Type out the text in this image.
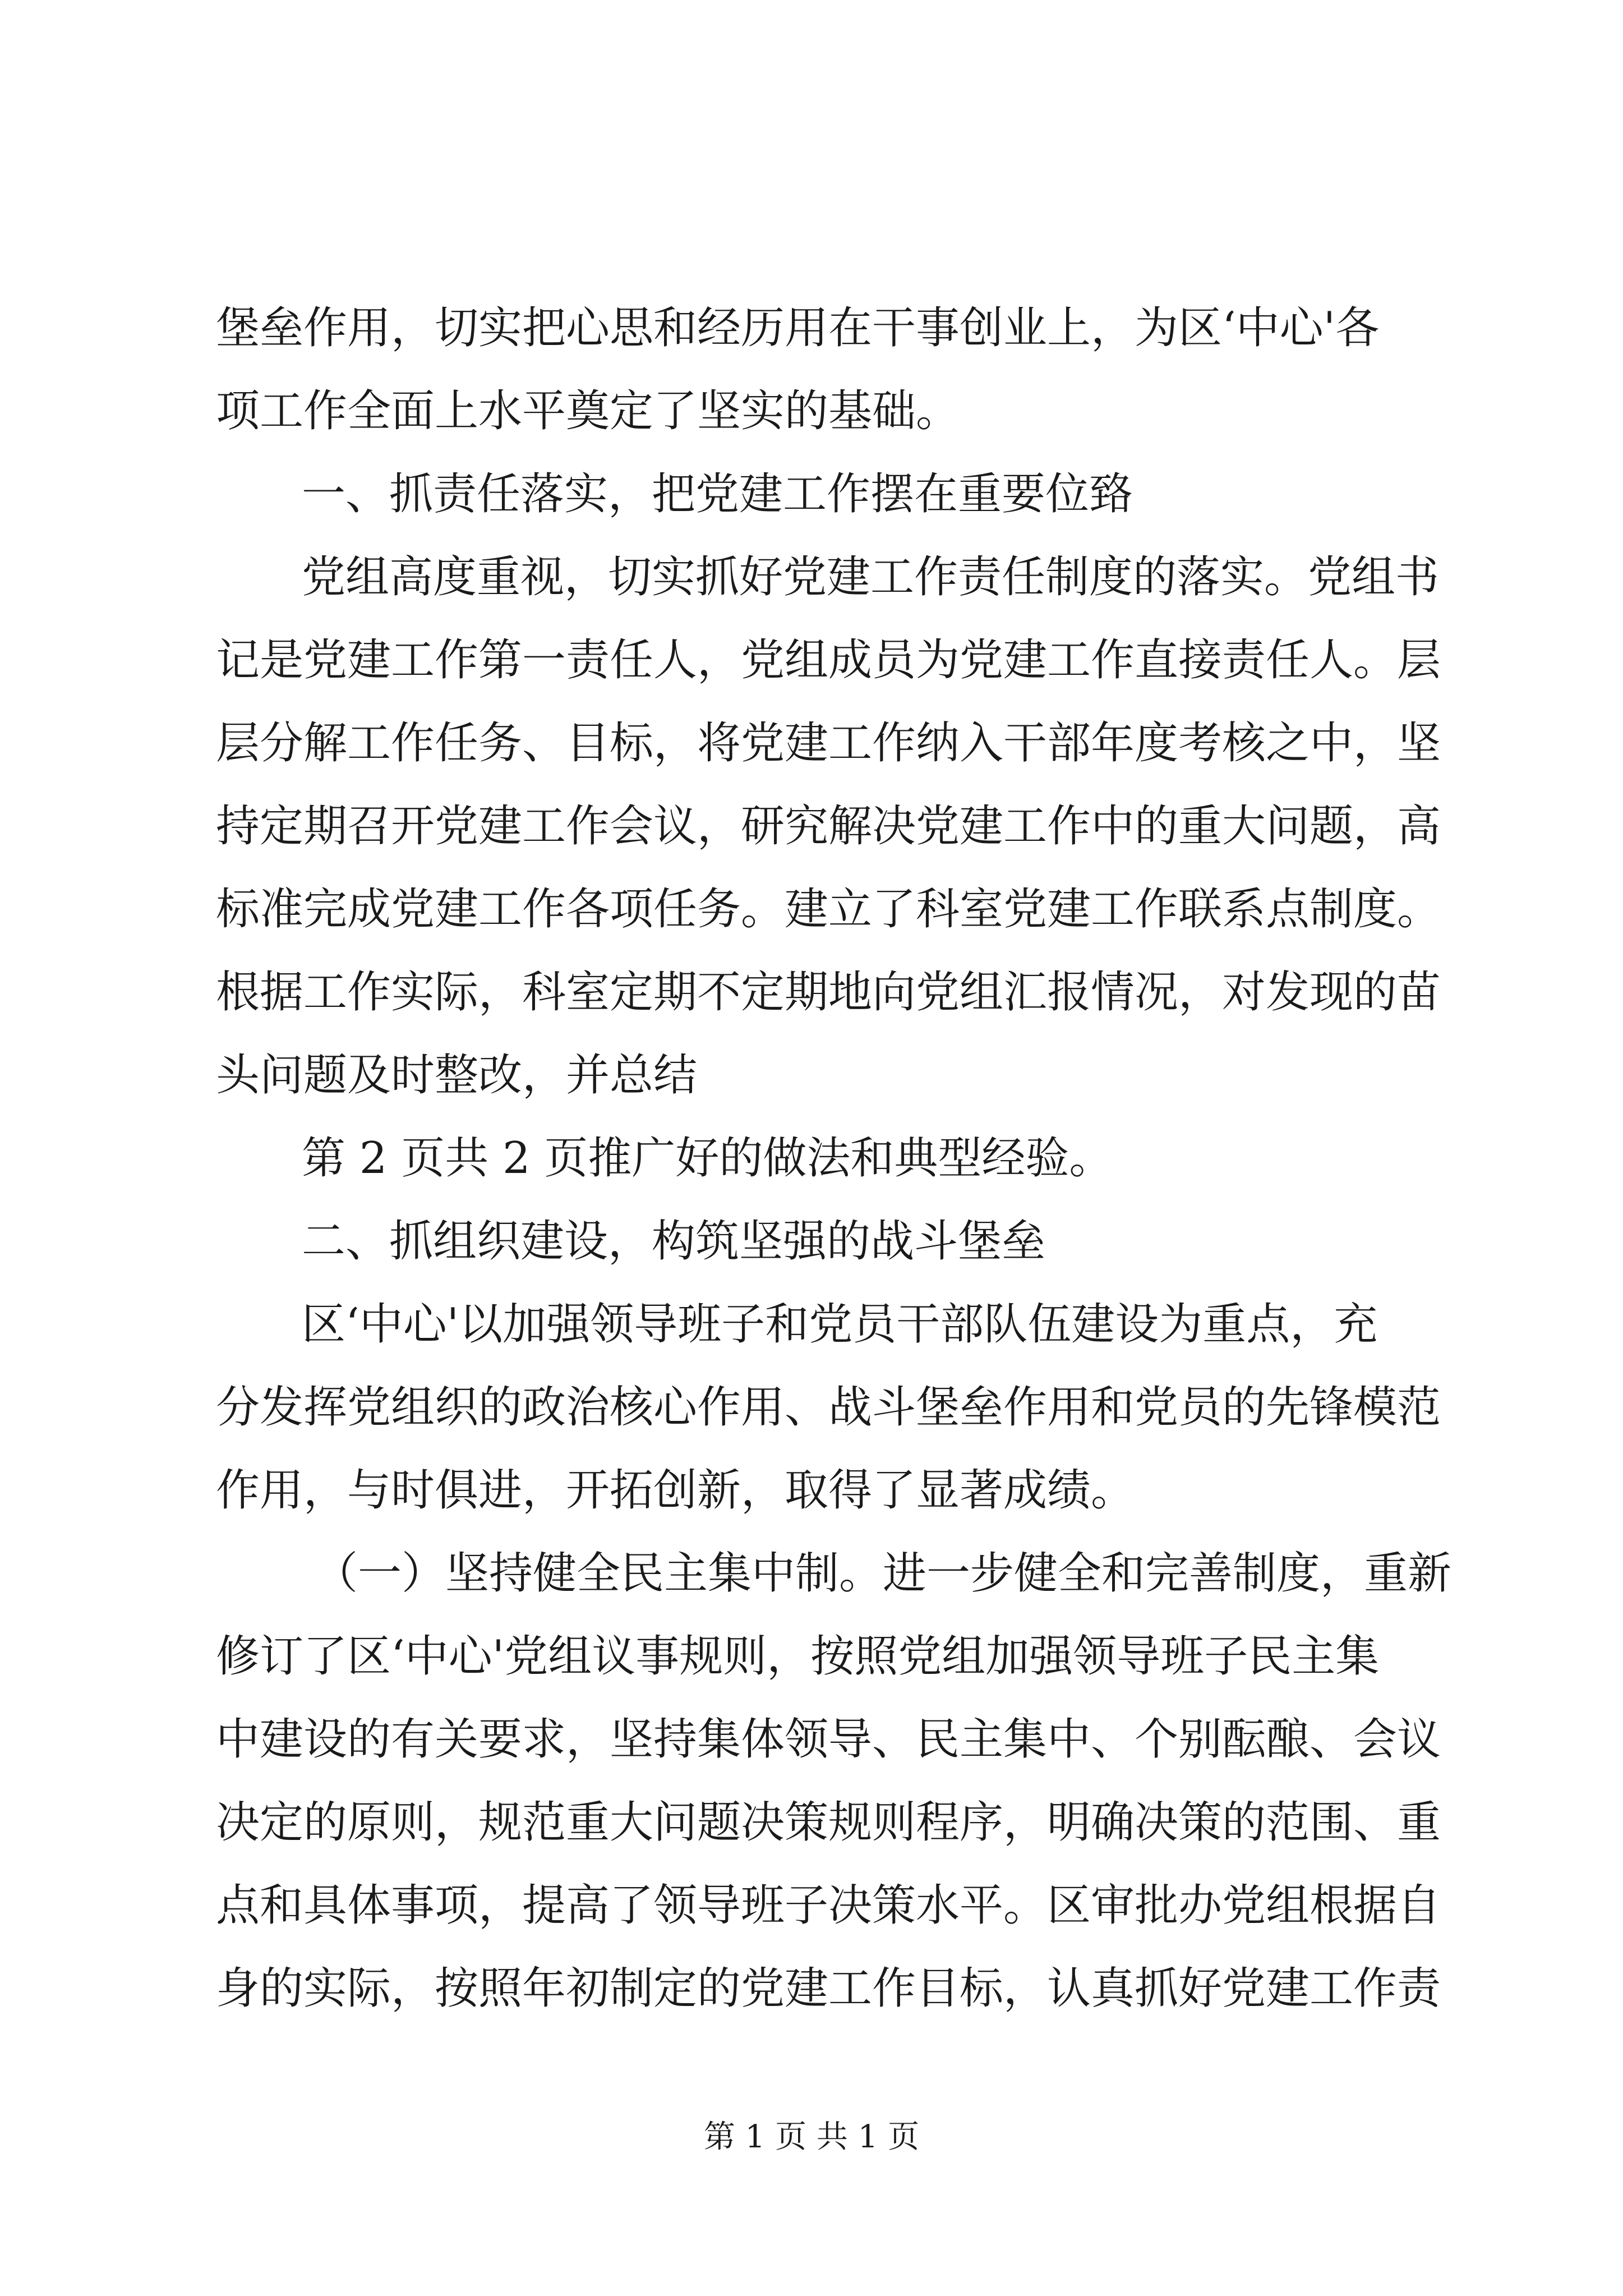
堡垒作用，切实把心思和经历用在干事创业上，为区‘中心'各
项工作全面上水平奠定了坚实的基础。
一、抓责任落实，把党建工作摆在重要位臵
党组高度重视，切实抓好党建工作责任制度的落实。党组书
记是党建工作第一责任人，党组成员为党建工作直接责任人。层
层分解工作任务、目标，将党建工作纳入干部年度考核之中，坚
持定期召开党建工作会议，研究解决党建工作中的重大问题，高
标准完成党建工作各项任务。建立了科室党建工作联系点制度。
根据工作实际，科室定期不定期地向党组汇报情况，对发现的苗
头问题及时整改，并总结
第 2 页共 2 页推广好的做法和典型经验。
二、抓组织建设，构筑坚强的战斗堡垒
区‘中心'以加强领导班子和党员干部队伍建设为重点，充
分发挥党组织的政治核心作用、战斗堡垒作用和党员的先锋模范
作用，与时俱进，开拓创新，取得了显著成绩。
（一）坚持健全民主集中制。进一步健全和完善制度，重新
修订了区‘中心'党组议事规则，按照党组加强领导班子民主集
中建设的有关要求，坚持集体领导、民主集中、个别酝酿、会议
决定的原则，规范重大问题决策规则程序，明确决策的范围、重
点和具体事项，提高了领导班子决策水平。区审批办党组根据自
身的实际，按照年初制定的党建工作目标，认真抓好党建工作责
第 1 页 共 1 页
